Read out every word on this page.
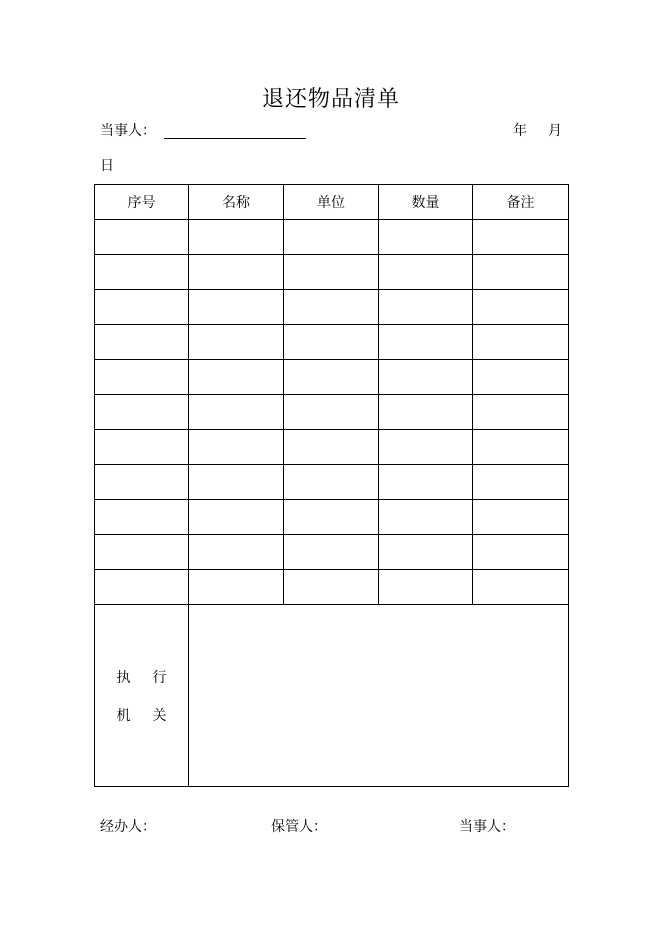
退还物品清单
当事人：	年 月
日
序号	名称	单位	数量	备注

执 行
机 关				

经办人：	保管人：	当事人：
